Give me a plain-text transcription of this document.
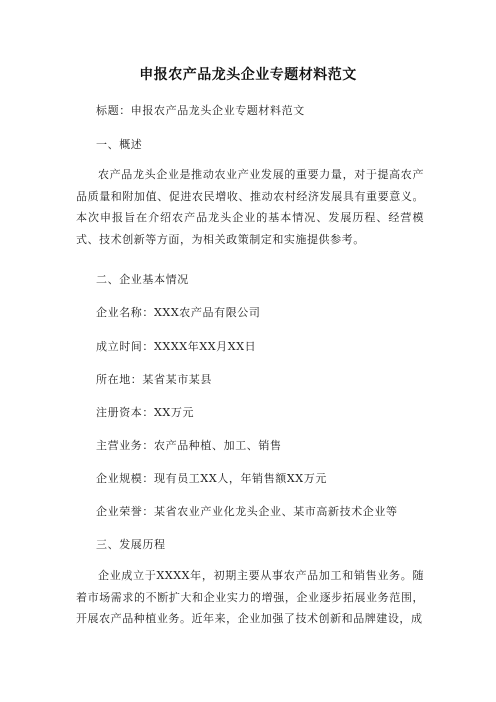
申报农产品龙头企业专题材料范文
标题：申报农产品龙头企业专题材料范文
一、概述
农产品龙头企业是推动农业产业发展的重要力量，对于提高农产品质量和附加值、促进农民增收、推动农村经济发展具有重要意义。本次申报旨在介绍农产品龙头企业的基本情况、发展历程、经营模式、技术创新等方面，为相关政策制定和实施提供参考。
二、企业基本情况
企业名称：XXX农产品有限公司
成立时间：XXXX年XX月XX日
所在地：某省某市某县
注册资本：XX万元
主营业务：农产品种植、加工、销售
企业规模：现有员工XX人，年销售额XX万元
企业荣誉：某省农业产业化龙头企业、某市高新技术企业等
三、发展历程
企业成立于XXXX年，初期主要从事农产品加工和销售业务。随着市场需求的不断扩大和企业实力的增强，企业逐步拓展业务范围，开展农产品种植业务。近年来，企业加强了技术创新和品牌建设，成
